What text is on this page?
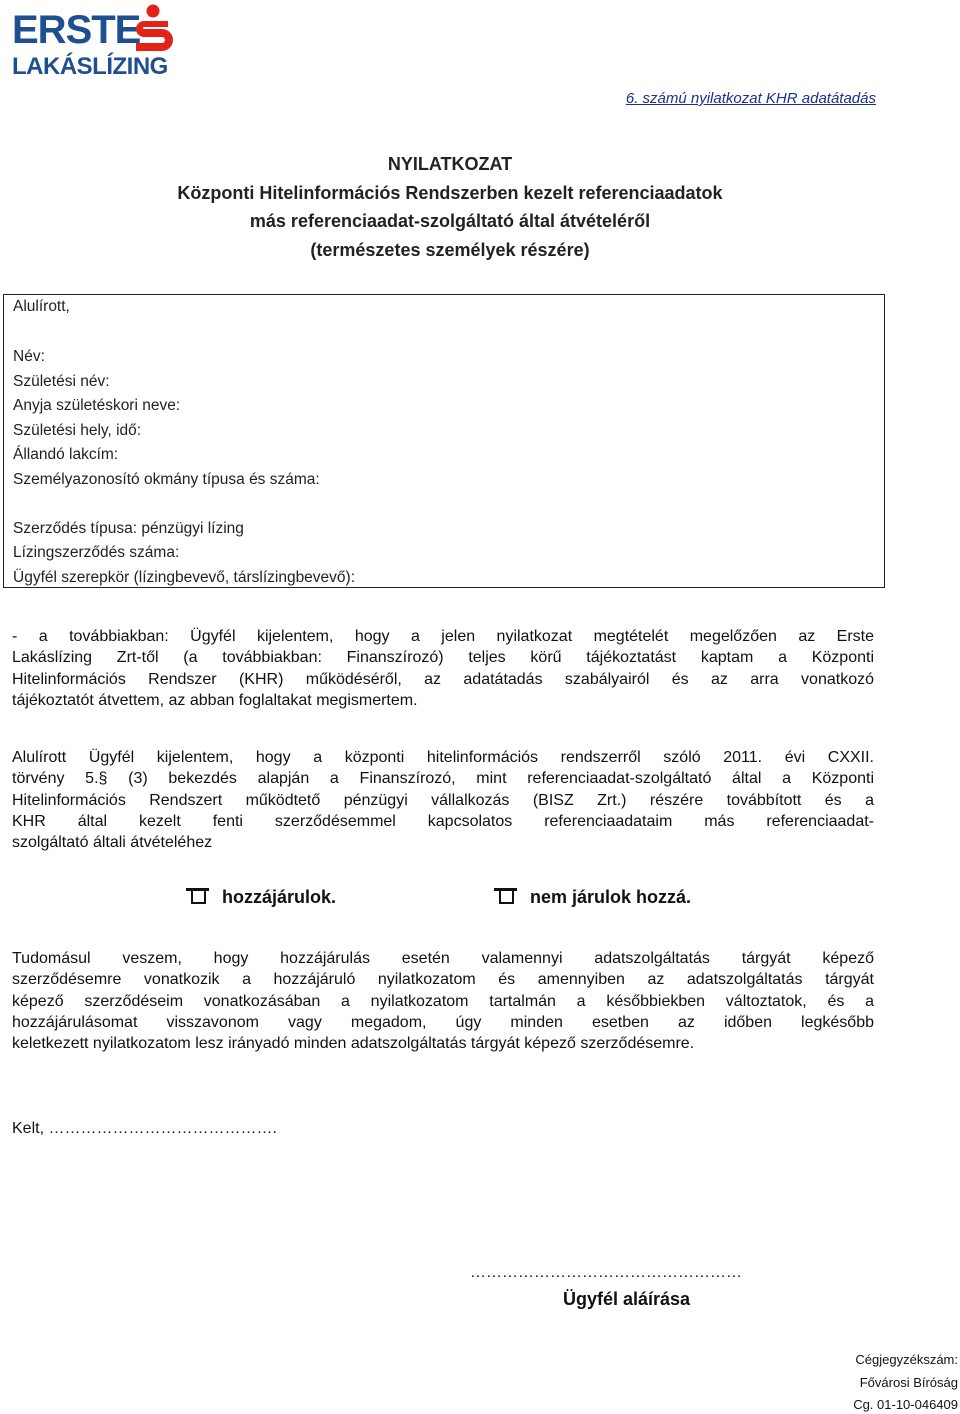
ERSTE
LAKÁSLÍZING
6. számú nyilatkozat KHR adatátadás
NYILATKOZAT
Központi Hitelinformációs Rendszerben kezelt referenciaadatok
más referenciaadat-szolgáltató által átvételéről
(természetes személyek részére)
Alulírott,
Név:
Születési név:
Anyja születéskori neve:
Születési hely, idő:
Állandó lakcím:
Személyazonosító okmány típusa és száma:
Szerződés típusa: pénzügyi lízing
Lízingszerződés száma:
Ügyfél szerepkör (lízingbevevő, társlízingbevevő):
- a továbbiakban: Ügyfél kijelentem, hogy a jelen nyilatkozat megtételét megelőzően az Erste
Lakáslízing Zrt-től (a továbbiakban: Finanszírozó) teljes körű tájékoztatást kaptam a Központi
Hitelinformációs Rendszer (KHR) működéséről, az adatátadás szabályairól és az arra vonatkozó
tájékoztatót átvettem, az abban foglaltakat megismertem.
Alulírott Ügyfél kijelentem, hogy a központi hitelinformációs rendszerről szóló 2011. évi CXXII.
törvény 5.§ (3) bekezdés alapján a Finanszírozó, mint referenciaadat-szolgáltató által a Központi
Hitelinformációs Rendszert működtető pénzügyi vállalkozás (BISZ Zrt.) részére továbbított és a
KHR által kezelt fenti szerződésemmel kapcsolatos referenciaadataim más referenciaadat-
szolgáltató általi átvételéhez
hozzájárulok.	nem járulok hozzá.
Tudomásul veszem, hogy hozzájárulás esetén valamennyi adatszolgáltatás tárgyát képező
szerződésemre vonatkozik a hozzájáruló nyilatkozatom és amennyiben az adatszolgáltatás tárgyát
képező szerződéseim vonatkozásában a nyilatkozatom tartalmán a későbbiekben változtatok, és a
hozzájárulásomat visszavonom vagy megadom, úgy minden esetben az időben legkésőbb
keletkezett nyilatkozatom lesz irányadó minden adatszolgáltatás tárgyát képező szerződésemre.
Kelt, …………………………………….
……………………………………………
Ügyfél aláírása
Cégjegyzékszám:
Fővárosi Bíróság
Cg. 01-10-046409
